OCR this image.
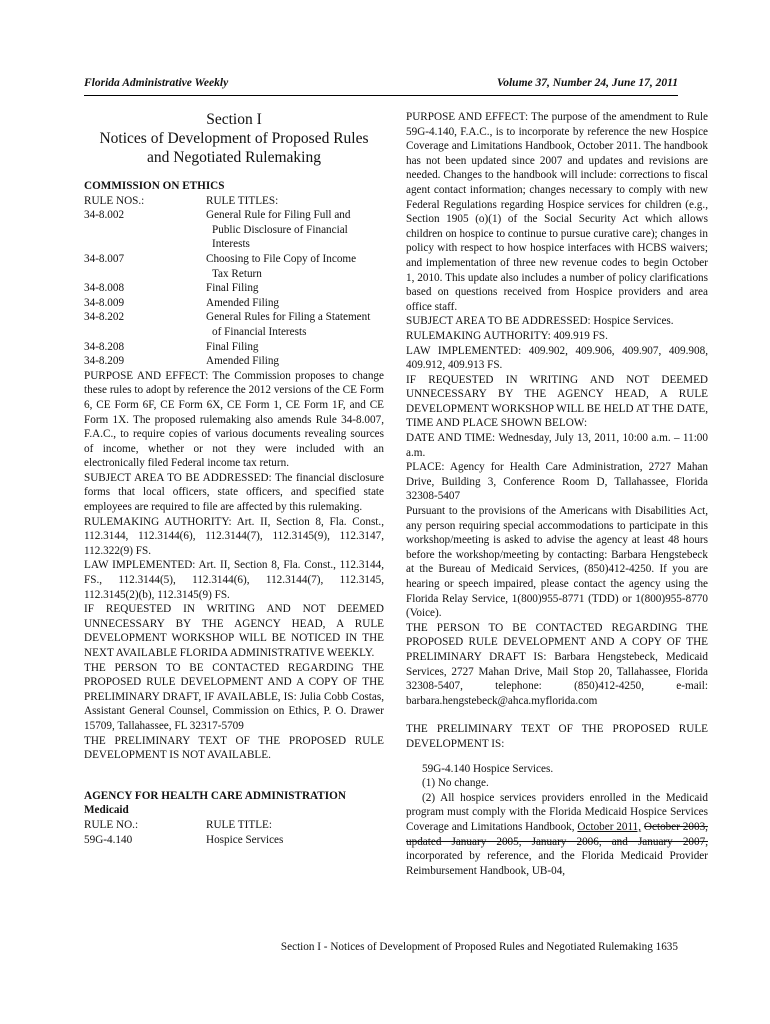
Florida Administrative Weekly	Volume 37, Number 24, June 17, 2011
Section I
Notices of Development of Proposed Rules
and Negotiated Rulemaking
COMMISSION ON ETHICS
RULE NOS.:	RULE TITLES:
34-8.002	General Rule for Filing Full and
Public Disclosure of Financial
Interests
34-8.007	Choosing to File Copy of Income
Tax Return
34-8.008	Final Filing
34-8.009	Amended Filing
34-8.202	General Rules for Filing a Statement
of Financial Interests
34-8.208	Final Filing
34-8.209	Amended Filing

PURPOSE AND EFFECT: The Commission proposes to change these rules to adopt by reference the 2012 versions of the CE Form 6, CE Form 6F, CE Form 6X, CE Form 1, CE Form 1F, and CE Form 1X. The proposed rulemaking also amends Rule 34-8.007, F.A.C., to require copies of various documents revealing sources of income, whether or not they were included with an electronically filed Federal income tax return.

SUBJECT AREA TO BE ADDRESSED: The financial disclosure forms that local officers, state officers, and specified state employees are required to file are affected by this rulemaking.

RULEMAKING AUTHORITY: Art. II, Section 8, Fla. Const., 112.3144, 112.3144(6), 112.3144(7), 112.3145(9), 112.3147, 112.322(9) FS.

LAW IMPLEMENTED: Art. II, Section 8, Fla. Const., 112.3144, FS., 112.3144(5), 112.3144(6), 112.3144(7), 112.3145, 112.3145(2)(b), 112.3145(9) FS.

IF REQUESTED IN WRITING AND NOT DEEMED UNNECESSARY BY THE AGENCY HEAD, A RULE DEVELOPMENT WORKSHOP WILL BE NOTICED IN THE NEXT AVAILABLE FLORIDA ADMINISTRATIVE WEEKLY.

THE PERSON TO BE CONTACTED REGARDING THE PROPOSED RULE DEVELOPMENT AND A COPY OF THE PRELIMINARY DRAFT, IF AVAILABLE, IS: Julia Cobb Costas, Assistant General Counsel, Commission on Ethics, P. O. Drawer 15709, Tallahassee, FL 32317-5709

THE PRELIMINARY TEXT OF THE PROPOSED RULE DEVELOPMENT IS NOT AVAILABLE.

AGENCY FOR HEALTH CARE ADMINISTRATION
Medicaid
RULE NO.:	RULE TITLE:
59G-4.140	Hospice Services

PURPOSE AND EFFECT: The purpose of the amendment to Rule 59G-4.140, F.A.C., is to incorporate by reference the new Hospice Coverage and Limitations Handbook, October 2011. The handbook has not been updated since 2007 and updates and revisions are needed. Changes to the handbook will include: corrections to fiscal agent contact information; changes necessary to comply with new Federal Regulations regarding Hospice services for children (e.g., Section 1905 (o)(1) of the Social Security Act which allows children on hospice to continue to pursue curative care); changes in policy with respect to how hospice interfaces with HCBS waivers; and implementation of three new revenue codes to begin October 1, 2010. This update also includes a number of policy clarifications based on questions received from Hospice providers and area office staff.

SUBJECT AREA TO BE ADDRESSED: Hospice Services.

RULEMAKING AUTHORITY: 409.919 FS.

LAW IMPLEMENTED: 409.902, 409.906, 409.907, 409.908, 409.912, 409.913 FS.

IF REQUESTED IN WRITING AND NOT DEEMED UNNECESSARY BY THE AGENCY HEAD, A RULE DEVELOPMENT WORKSHOP WILL BE HELD AT THE DATE, TIME AND PLACE SHOWN BELOW:

DATE AND TIME: Wednesday, July 13, 2011, 10:00 a.m. – 11:00 a.m.

PLACE: Agency for Health Care Administration, 2727 Mahan Drive, Building 3, Conference Room D, Tallahassee, Florida 32308-5407

Pursuant to the provisions of the Americans with Disabilities Act, any person requiring special accommodations to participate in this workshop/meeting is asked to advise the agency at least 48 hours before the workshop/meeting by contacting: Barbara Hengstebeck at the Bureau of Medicaid Services, (850)412-4250. If you are hearing or speech impaired, please contact the agency using the Florida Relay Service, 1(800)955-8771 (TDD) or 1(800)955-8770 (Voice).

THE PERSON TO BE CONTACTED REGARDING THE PROPOSED RULE DEVELOPMENT AND A COPY OF THE PRELIMINARY DRAFT IS: Barbara Hengstebeck, Medicaid Services, 2727 Mahan Drive, Mail Stop 20, Tallahassee, Florida 32308-5407, telephone: (850)412-4250, e-mail: barbara.hengstebeck@ahca.myflorida.com

THE PRELIMINARY TEXT OF THE PROPOSED RULE DEVELOPMENT IS:

59G-4.140 Hospice Services.

(1) No change.

(2) All hospice services providers enrolled in the Medicaid program must comply with the Florida Medicaid Hospice Services Coverage and Limitations Handbook, October 2011, October 2003, updated January 2005, January 2006, and January 2007, incorporated by reference, and the Florida Medicaid Provider Reimbursement Handbook, UB-04,

Section I - Notices of Development of Proposed Rules and Negotiated Rulemaking 1635
